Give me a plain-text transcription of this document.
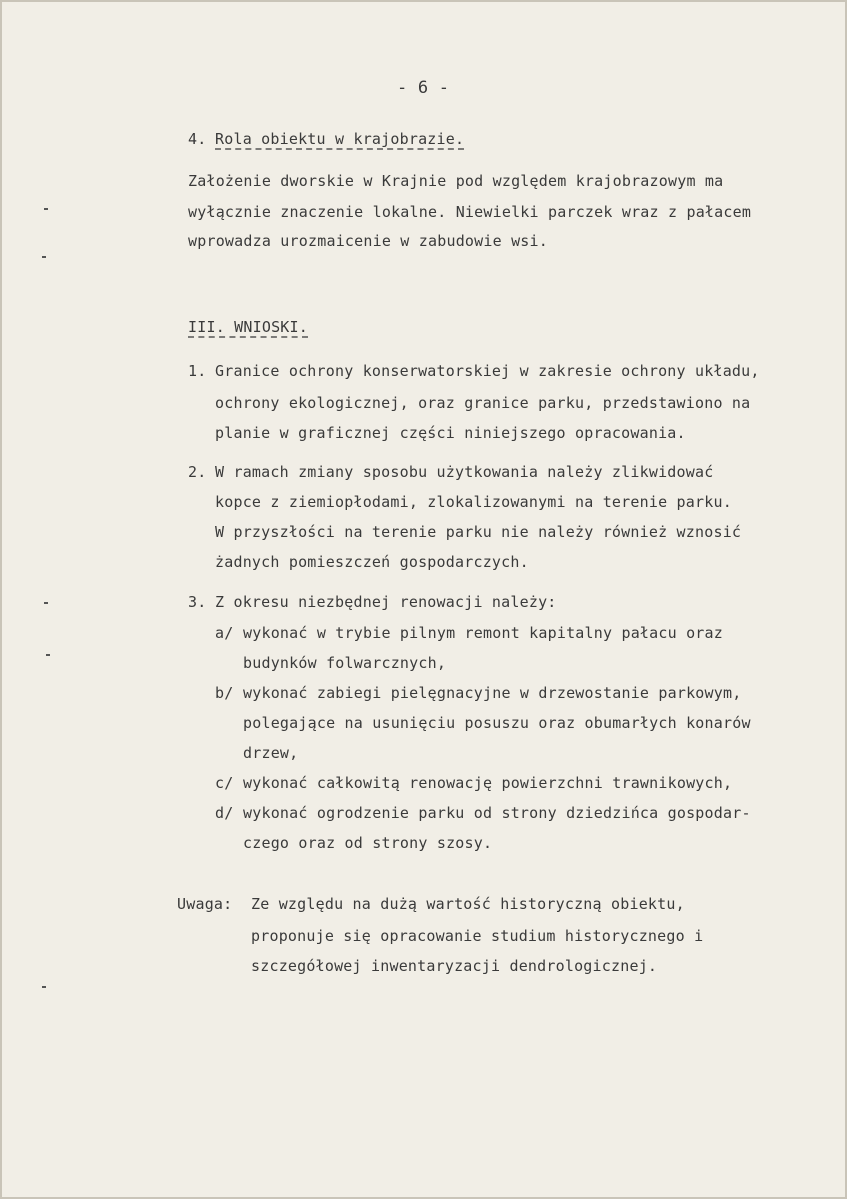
- 6 -
4. Rola obiektu w krajobrazie.
Założenie dworskie w Krajnie pod względem krajobrazowym ma
wyłącznie znaczenie lokalne. Niewielki parczek wraz z pałacem
wprowadza urozmaicenie w zabudowie wsi.
III. WNIOSKI.
1. Granice ochrony konserwatorskiej w zakresie ochrony układu,
ochrony ekologicznej, oraz granice parku, przedstawiono na
planie w graficznej części niniejszego opracowania.
2. W ramach zmiany sposobu użytkowania należy zlikwidować
kopce z ziemiopłodami, zlokalizowanymi na terenie parku.
W przyszłości na terenie parku nie należy również wznosić
żadnych pomieszczeń gospodarczych.
3. Z okresu niezbędnej renowacji należy:
a/ wykonać w trybie pilnym remont kapitalny pałacu oraz
budynków folwarcznych,
b/ wykonać zabiegi pielęgnacyjne w drzewostanie parkowym,
polegające na usunięciu posuszu oraz obumarłych konarów
drzew,
c/ wykonać całkowitą renowację powierzchni trawnikowych,
d/ wykonać ogrodzenie parku od strony dziedzińca gospodar-
czego oraz od strony szosy.
Uwaga: Ze względu na dużą wartość historyczną obiektu,
proponuje się opracowanie studium historycznego i
szczegółowej inwentaryzacji dendrologicznej.
